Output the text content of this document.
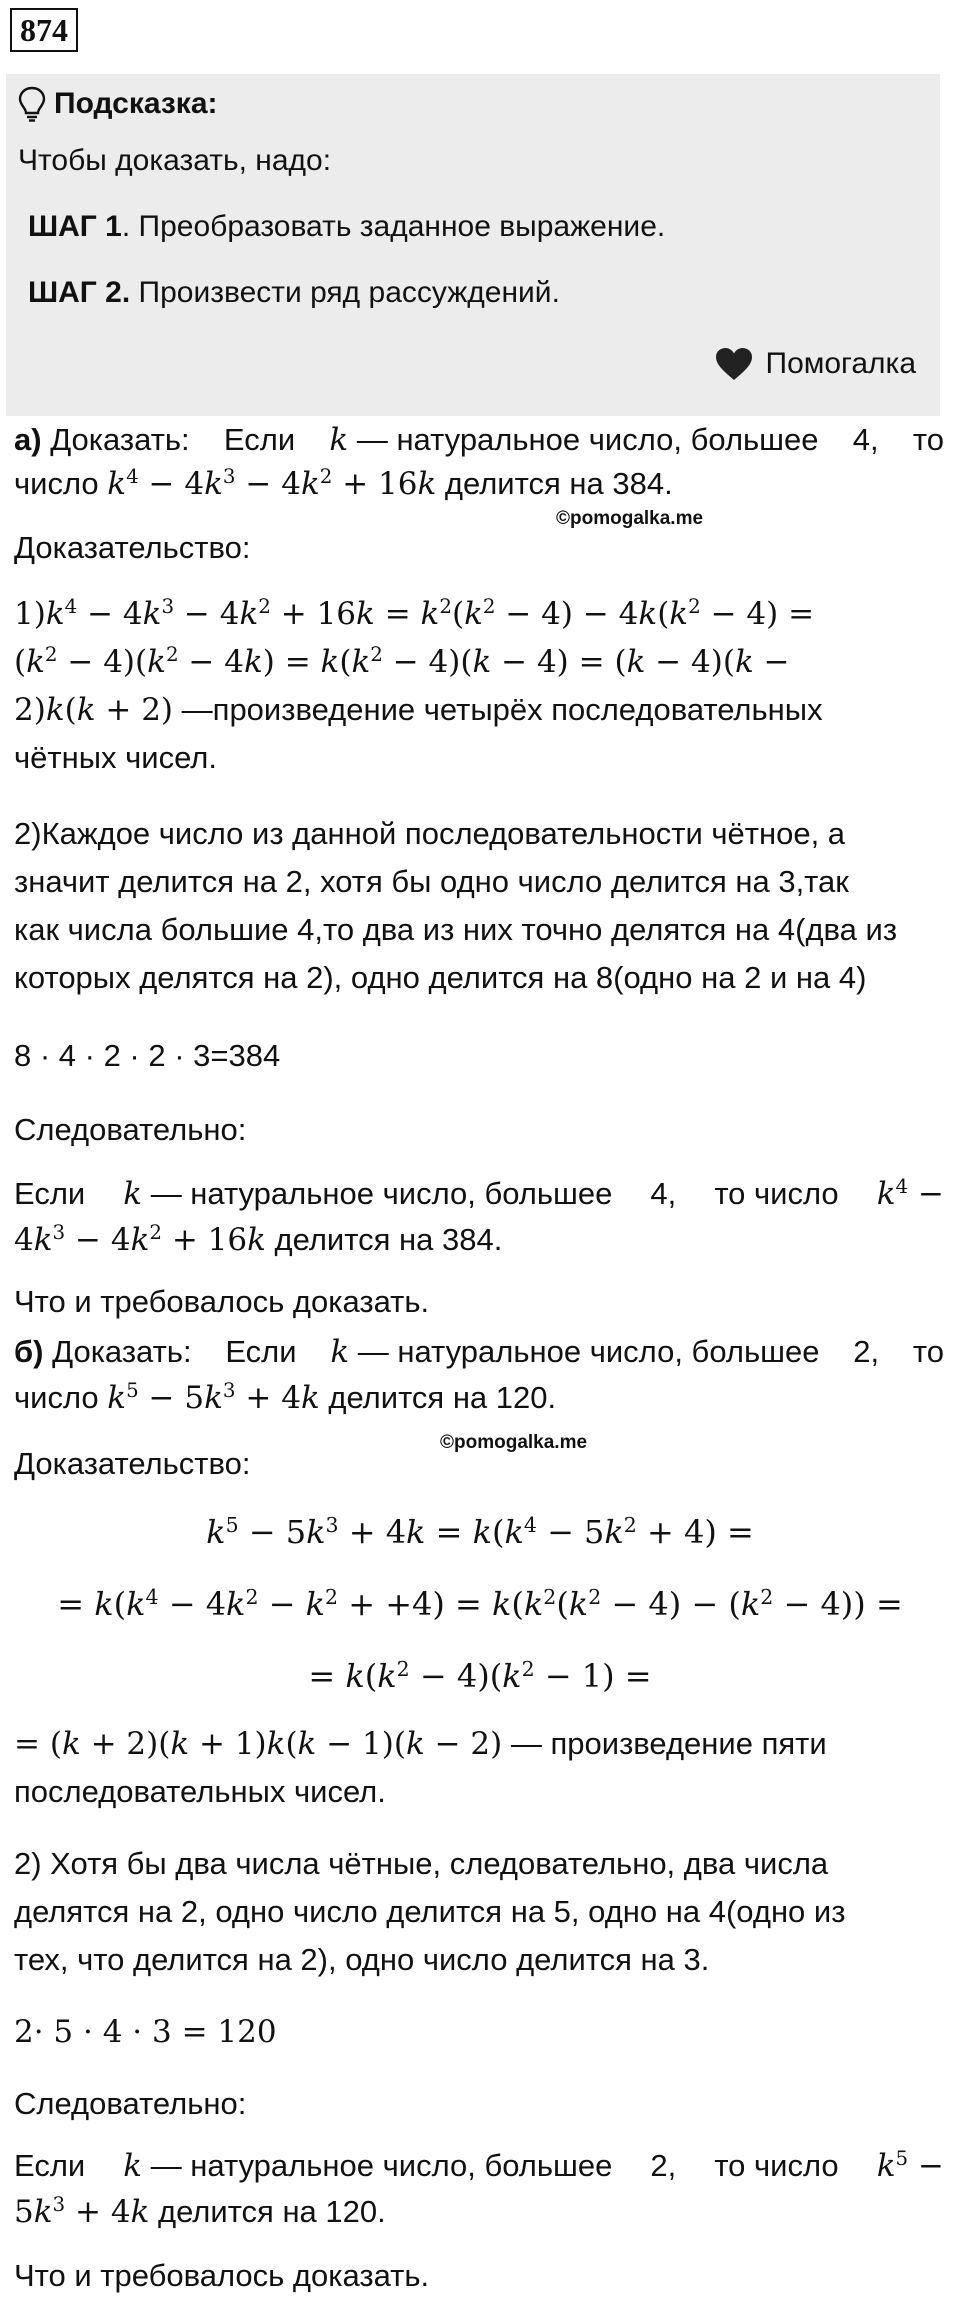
874
Подсказка:
Чтобы доказать, надо:
ШАГ 1. Преобразовать заданное выражение.
ШАГ 2. Произвести ряд рассуждений.
Помогалка
а) Доказать: Если k — натуральное число, большее 4, то
число $k^4 - 4k^3 - 4k^2 + 16k$ делится на 384.
©pomogalka.me
Доказательство:
$1)k^4 - 4k^3 - 4k^2 + 16k = k^2(k^2 - 4) - 4k(k^2 - 4)$ =
$(k^2 - 4)(k^2 - 4k) = k(k^2 - 4)(k - 4) = (k - 4)(k$ −
2)k(k + 2) —произведение четырёх последовательных
чётных чисел.
2)Каждое число из данной последовательности чётное, а
значит делится на 2, хотя бы одно число делится на 3,так
как числа большие 4,то два из них точно делятся на 4(два из
которых делятся на 2), одно делится на 8(одно на 2 и на 4)
8 · 4 · 2 · 2 · 3=384
Следовательно:
Если k — натуральное число, большее 4, то число $k^4$ −
$4k^3 - 4k^2 + 16k$ делится на 384.
Что и требовалось доказать.
б) Доказать: Если k — натуральное число, большее 2, то
число $k^5 - 5k^3 + 4k$ делится на 120.
©pomogalka.me
Доказательство:
$k^5 - 5k^3 + 4k = k(k^4 - 5k^2 + 4)$ =
= $k(k^4 - 4k^2 - k^2 + +4) = k(k^2(k^2 - 4) - (k^2 - 4))$ =
= $k(k^2 - 4)(k^2 - 1)$ =
= (k + 2)(k + 1)k(k − 1)(k − 2) — произведение пяти
последовательных чисел.
2) Хотя бы два числа чётные, следовательно, два числа
делятся на 2, одно число делится на 5, одно на 4(одно из
тех, что делится на 2), одно число делится на 3.
2· 5 · 4 · 3 = 120
Следовательно:
Если k — натуральное число, большее 2, то число $k^5$ −
$5k^3 + 4k$ делится на 120.
Что и требовалось доказать.
